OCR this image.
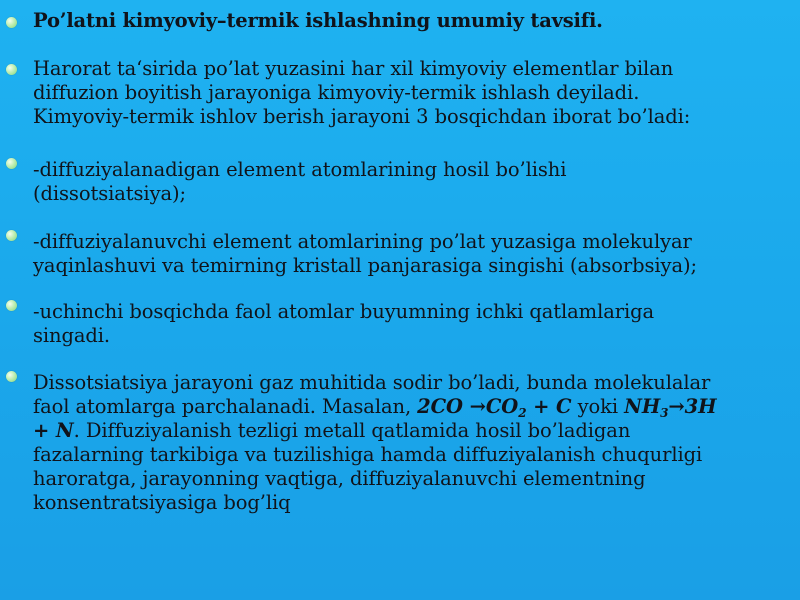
Po’latni kimyoviy–termik ishlashning umumiy tavsifi.
Harorat ta‘sirida po’lat yuzasini har xil kimyoviy elementlar bilan
diffuzion boyitish jarayoniga kimyoviy-termik ishlash deyiladi.
Kimyoviy-termik ishlov berish jarayoni 3 bosqichdan iborat bo’ladi:
-diffuziyalanadigan element atomlarining hosil bo’lishi
(dissotsiatsiya);
-diffuziyalanuvchi element atomlarining po’lat yuzasiga molekulyar
yaqinlashuvi va temirning kristall panjarasiga singishi (absorbsiya);
-uchinchi bosqichda faol atomlar buyumning ichki qatlamlariga
singadi.
Dissotsiatsiya jarayoni gaz muhitida sodir bo’ladi, bunda molekulalar
faol atomlarga parchalanadi. Masalan, $2CO \to CO_2 + C$ yoki $NH_3\to 3H$
+ N. Diffuziyalanish tezligi metall qatlamida hosil bo’ladigan
fazalarning tarkibiga va tuzilishiga hamda diffuziyalanish chuqurligi
haroratga, jarayonning vaqtiga, diffuziyalanuvchi elementning
konsentratsiyasiga bog’liq
